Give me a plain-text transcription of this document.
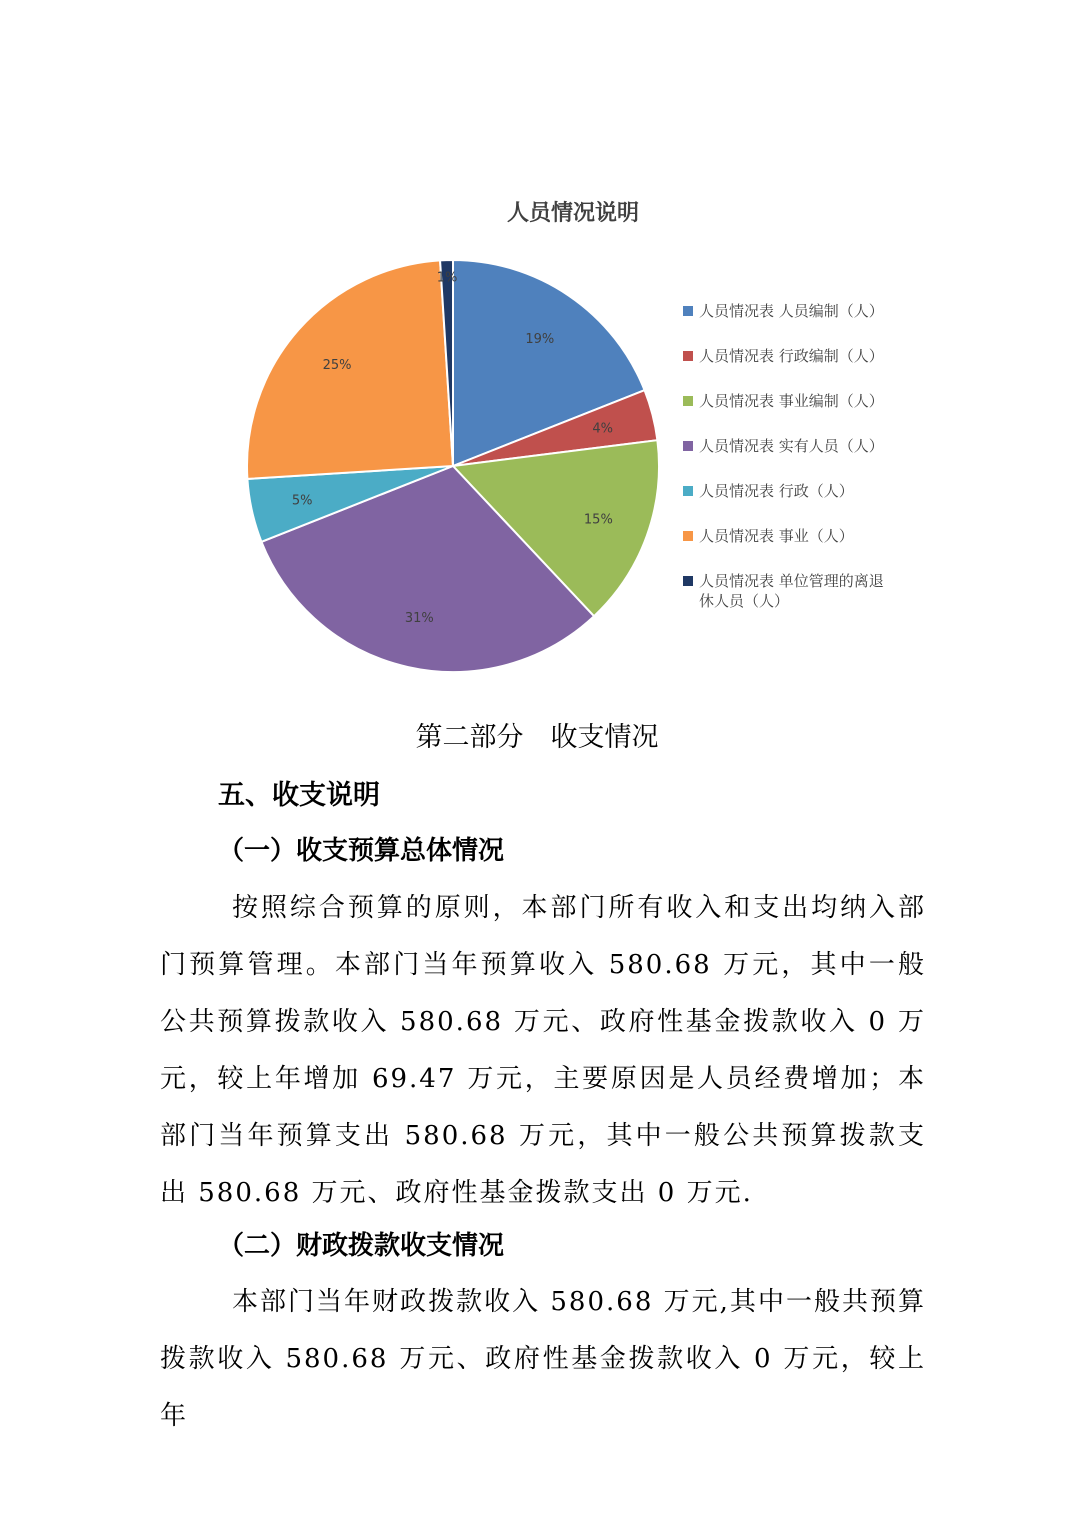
人员情况说明
19%
4%
15%
31%
5%
25%
1%
人员情况表 人员编制（人）
人员情况表 行政编制（人）
人员情况表 事业编制（人）
人员情况表 实有人员（人）
人员情况表 行政（人）
人员情况表 事业（人）
人员情况表 单位管理的离退休人员（人）
第二部分　收支情况
五、收支说明
（一）收支预算总体情况
按照综合预算的原则，本部门所有收入和支出均纳入部门预算管理。本部门当年预算收入 580.68 万元，其中一般公共预算拨款收入 580.68 万元、政府性基金拨款收入 0 万元，较上年增加 69.47 万元，主要原因是人员经费增加；本部门当年预算支出 580.68 万元，其中一般公共预算拨款支出 580.68 万元、政府性基金拨款支出 0 万元.
（二）财政拨款收支情况
本部门当年财政拨款收入 580.68 万元,其中一般共预算拨款收入 580.68 万元、政府性基金拨款收入 0 万元，较上年
